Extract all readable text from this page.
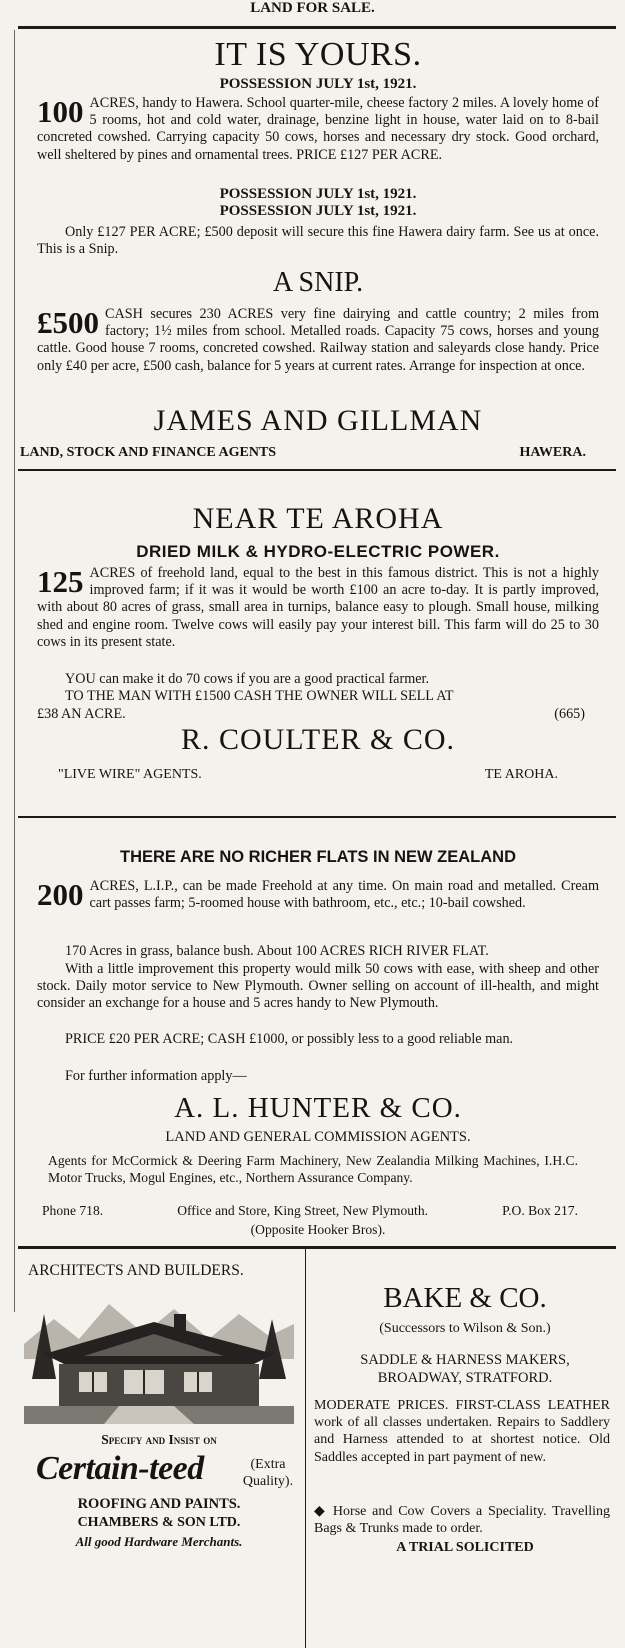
LAND FOR SALE.
IT IS YOURS.
POSSESSION JULY 1st, 1921.
100 ACRES, handy to Hawera. School quarter-mile, cheese factory 2 miles. A lovely home of 5 rooms, hot and cold water, drainage, benzine light in house, water laid on to 8-bail concreted cowshed. Carrying capacity 50 cows, horses and necessary dry stock. Good orchard, well sheltered by pines and ornamental trees. PRICE £127 PER ACRE.
POSSESSION JULY 1st, 1921.
POSSESSION JULY 1st, 1921.
Only £127 PER ACRE; £500 deposit will secure this fine Hawera dairy farm. See us at once. This is a Snip.
A SNIP.
£500 CASH secures 230 ACRES very fine dairying and cattle country; 2 miles from factory; 1½ miles from school. Metalled roads. Capacity 75 cows, horses and young cattle. Good house 7 rooms, concreted cowshed. Railway station and saleyards close handy. Price only £40 per acre, £500 cash, balance for 5 years at current rates. Arrange for inspection at once.
JAMES AND GILLMAN
LAND, STOCK AND FINANCE AGENTS	HAWERA.
NEAR TE AROHA
DRIED MILK & HYDRO-ELECTRIC POWER.
125 ACRES of freehold land, equal to the best in this famous district. This is not a highly improved farm; if it was it would be worth £100 an acre to-day. It is partly improved, with about 80 acres of grass, small area in turnips, balance easy to plough. Small house, milking shed and engine room. Twelve cows will easily pay your interest bill. This farm will do 25 to 30 cows in its present state.
YOU can make it do 70 cows if you are a good practical farmer.
TO THE MAN WITH £1500 CASH THE OWNER WILL SELL AT
£38 AN ACRE.	(665)
R. COULTER & CO.
"LIVE WIRE" AGENTS.	TE AROHA.
THERE ARE NO RICHER FLATS IN NEW ZEALAND
200 ACRES, L.I.P., can be made Freehold at any time. On main road and metalled. Cream cart passes farm; 5-roomed house with bathroom, etc., etc.; 10-bail cowshed.
170 Acres in grass, balance bush. About 100 ACRES RICH RIVER FLAT.
With a little improvement this property would milk 50 cows with ease, with sheep and other stock. Daily motor service to New Plymouth. Owner selling on account of ill-health, and might consider an exchange for a house and 5 acres handy to New Plymouth.
PRICE £20 PER ACRE; CASH £1000, or possibly less to a good reliable man.
For further information apply—
A. L. HUNTER & CO.
LAND AND GENERAL COMMISSION AGENTS.
Agents for McCormick & Deering Farm Machinery, New Zealandia Milking Machines, I.H.C. Motor Trucks, Mogul Engines, etc., Northern Assurance Company.
Phone 718.	Office and Store, King Street, New Plymouth.	P.O. Box 217.
(Opposite Hooker Bros).
ARCHITECTS AND BUILDERS.
Specify and Insist on
Certain-teed	(Extra Quality).
ROOFING AND PAINTS.
CHAMBERS & SON LTD.
All good Hardware Merchants.
BAKE & CO.
(Successors to Wilson & Son.)
SADDLE & HARNESS MAKERS,
BROADWAY, STRATFORD.
MODERATE PRICES. FIRST-CLASS LEATHER work of all classes undertaken. Repairs to Saddlery and Harness attended to at shortest notice. Old Saddles accepted in part payment of new.
◆ Horse and Cow Covers a Speciality. Travelling Bags & Trunks made to order.
A TRIAL SOLICITED
